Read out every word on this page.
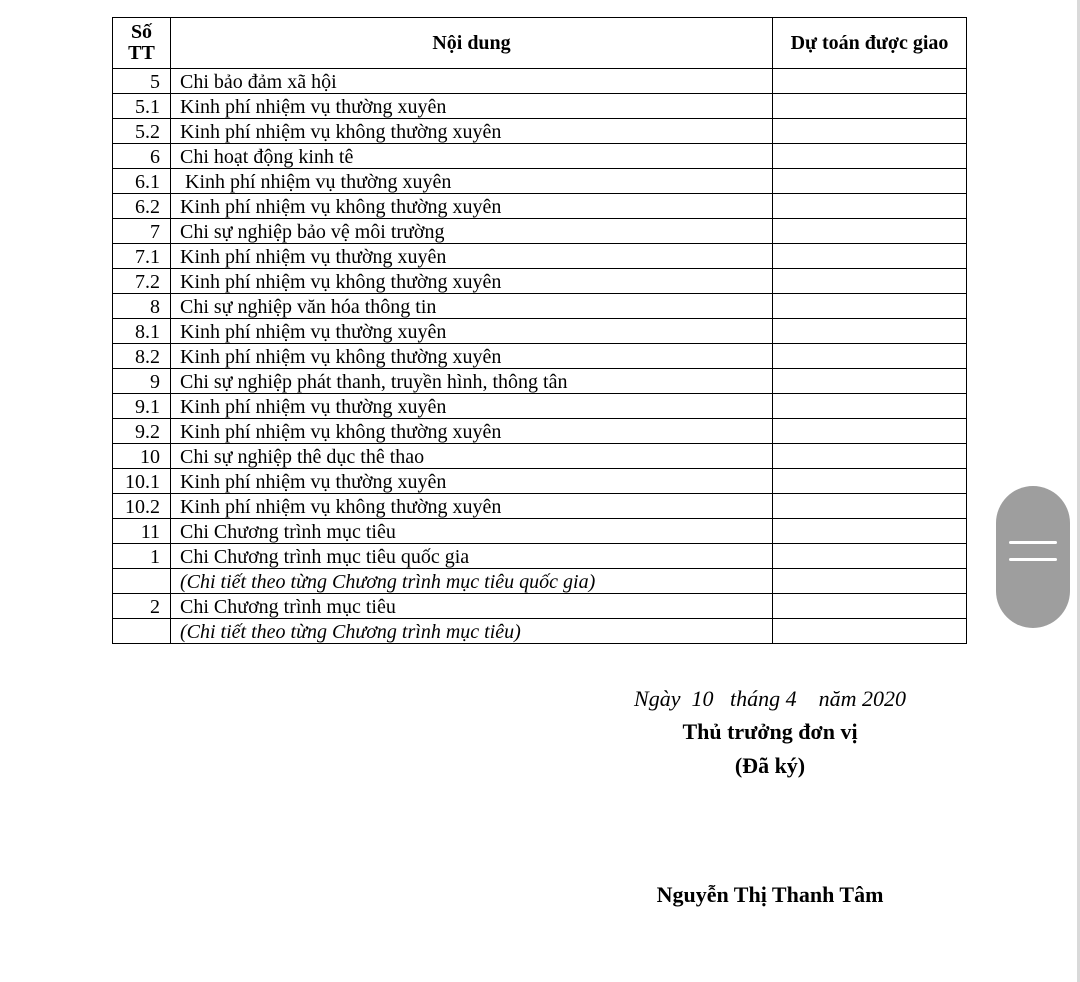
Số
TT	Nội dung	Dự toán được giao
5	Chi bảo đảm xã hội	
5.1	Kinh phí nhiệm vụ thường xuyên	
5.2	Kinh phí nhiệm vụ không thường xuyên	
6	Chi hoạt động kinh tê	
6.1	Kinh phí nhiệm vụ thường xuyên	
6.2	Kinh phí nhiệm vụ không thường xuyên	
7	Chi sự nghiệp bảo vệ môi trường	
7.1	Kinh phí nhiệm vụ thường xuyên	
7.2	Kinh phí nhiệm vụ không thường xuyên	
8	Chi sự nghiệp văn hóa thông tin	
8.1	Kinh phí nhiệm vụ thường xuyên	
8.2	Kinh phí nhiệm vụ không thường xuyên	
9	Chi sự nghiệp phát thanh, truyền hình, thông tân	
9.1	Kinh phí nhiệm vụ thường xuyên	
9.2	Kinh phí nhiệm vụ không thường xuyên	
10	Chi sự nghiệp thê dục thê thao	
10.1	Kinh phí nhiệm vụ thường xuyên	
10.2	Kinh phí nhiệm vụ không thường xuyên	
11	Chi Chương trình mục tiêu	
1	Chi Chương trình mục tiêu quốc gia	
	(Chi tiết theo từng Chương trình mục tiêu quốc gia)	
2	Chi Chương trình mục tiêu	
	(Chi tiết theo từng Chương trình mục tiêu)	
Ngày  10   tháng 4    năm 2020
Thủ trưởng đơn vị
(Đã ký)
Nguyễn Thị Thanh Tâm
